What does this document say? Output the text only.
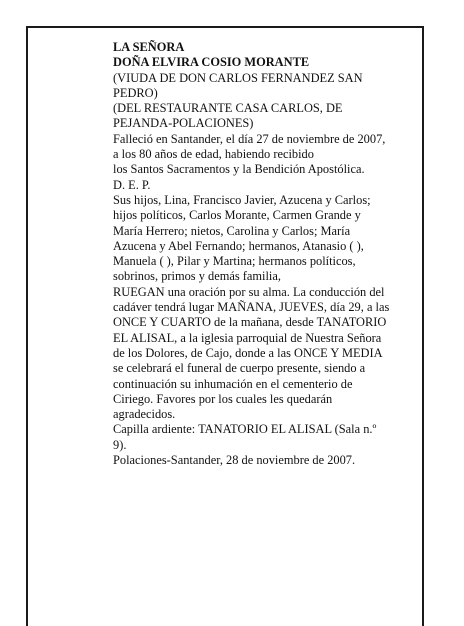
LA SEÑORA
DOÑA ELVIRA COSIO MORANTE
(VIUDA DE DON CARLOS FERNANDEZ SAN
PEDRO)
(DEL RESTAURANTE CASA CARLOS, DE
PEJANDA-POLACIONES)
Falleció en Santander, el día 27 de noviembre de 2007,
a los 80 años de edad, habiendo recibido
los Santos Sacramentos y la Bendición Apostólica.
D. E. P.
Sus hijos, Lina, Francisco Javier, Azucena y Carlos;
hijos políticos, Carlos Morante, Carmen Grande y
María Herrero; nietos, Carolina y Carlos; María
Azucena y Abel Fernando; hermanos, Atanasio ( ),
Manuela ( ), Pilar y Martina; hermanos políticos,
sobrinos, primos y demás familia,
RUEGAN una oración por su alma. La conducción del
cadáver tendrá lugar MAÑANA, JUEVES, día 29, a las
ONCE Y CUARTO de la mañana, desde TANATORIO
EL ALISAL, a la iglesia parroquial de Nuestra Señora
de los Dolores, de Cajo, donde a las ONCE Y MEDIA
se celebrará el funeral de cuerpo presente, siendo a
continuación su inhumación en el cementerio de
Ciriego. Favores por los cuales les quedarán
agradecidos.
Capilla ardiente: TANATORIO EL ALISAL (Sala n.º
9).
Polaciones-Santander, 28 de noviembre de 2007.
